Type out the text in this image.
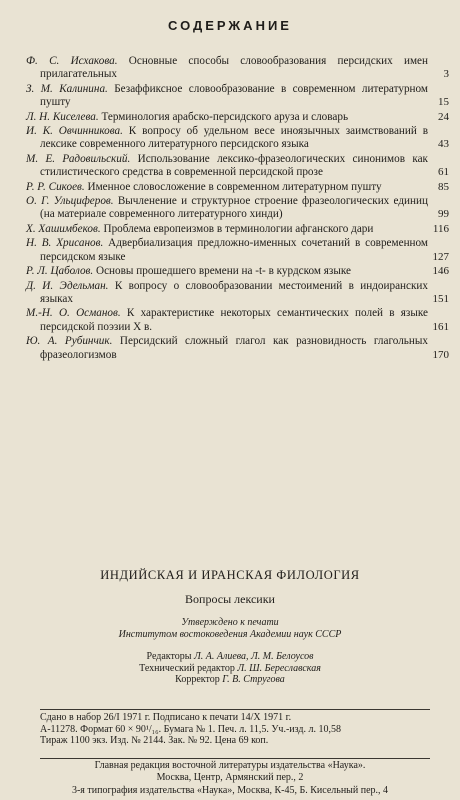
СОДЕРЖАНИЕ
Ф. С. Исхакова. Основные способы словообразования персидских имен прилагательных	3
З. М. Калинина. Безаффиксное словообразование в современном литературном пушту	15
Л. Н. Киселева. Терминология арабско-персидского аруза и словарь	24
И. К. Овчинникова. К вопросу об удельном весе иноязычных заимствований в лексике современного литературного персидского языка	43
М. Е. Радовильский. Использование лексико-фразеологических синонимов как стилистического средства в современной персидской прозе	61
Р. Р. Сикоев. Именное словосложение в современном литературном пушту	85
О. Г. Ульциферов. Вычленение и структурное строение фразеологических единиц (на материале современного литературного хинди)	99
Х. Хашимбеков. Проблема европеизмов в терминологии афганского дари	116
Н. В. Хрисанов. Адвербиализация предложно-именных сочетаний в современном персидском языке	127
Р. Л. Цаболов. Основы прошедшего времени на -t- в курдском языке	146
Д. И. Эдельман. К вопросу о словообразовании местоимений в индоиранских языках	151
М.-Н. О. Османов. К характеристике некоторых семантических полей в языке персидской поэзии X в.	161
Ю. А. Рубинчик. Персидский сложный глагол как разновидность глагольных фразеологизмов	170
ИНДИЙСКАЯ И ИРАНСКАЯ ФИЛОЛОГИЯ
Вопросы лексики
Утверждено к печати
Институтом востоковедения Академии наук СССР
Редакторы Л. А. Алиева, Л. М. Белоусов
Технический редактор Л. Ш. Береславская
Корректор Г. В. Стругова
Сдано в набор 26/I 1971 г. Подписано к печати 14/X 1971 г.
А-11278. Формат 60 × 90¹/₁₆. Бумага № 1. Печ. л. 11,5. Уч.-изд. л. 10,58
Тираж 1100 экз. Изд. № 2144. Зак. № 92. Цена 69 коп.
Главная редакция восточной литературы издательства «Наука».
Москва, Центр, Армянский пер., 2
3-я типография издательства «Наука», Москва, К-45, Б. Кисельный пер., 4
